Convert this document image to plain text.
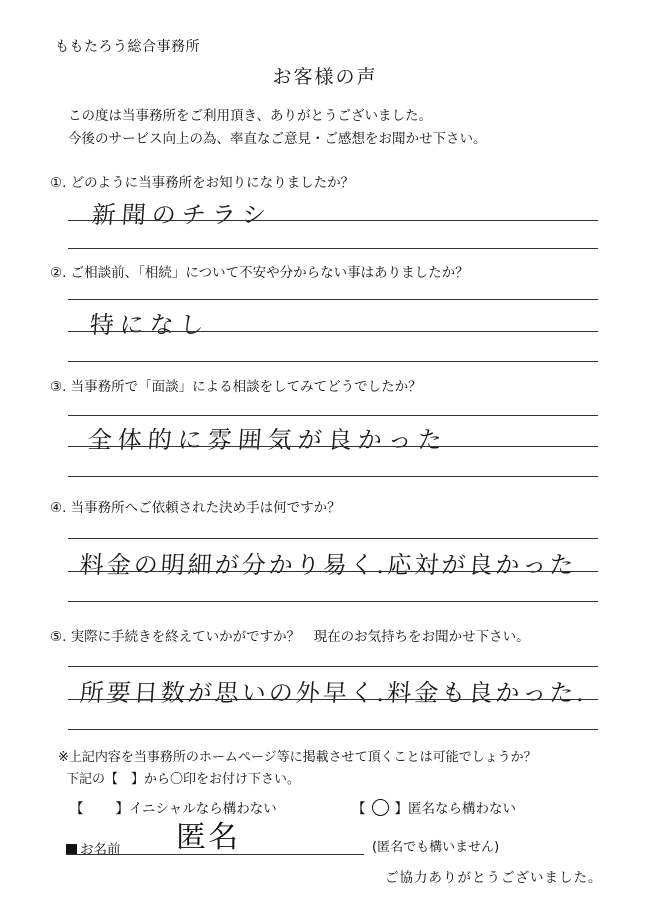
ももたろう総合事務所
お客様の声
この度は当事務所をご利用頂き、ありがとうございました。
今後のサービス向上の為、率直なご意見・ご感想をお聞かせ下さい。
①. どのように当事務所をお知りになりましたか？
新聞のチラシ
②. ご相談前、「相続」について不安や分からない事はありましたか？
特になし
③. 当事務所で「面談」による相談をしてみてどうでしたか？
全体的に雰囲気が良かった
④. 当事務所へご依頼された決め手は何ですか？
料金の明細が分かり易く.応対が良かった
⑤. 実際に手続きを終えていかがですか？　現在のお気持ちをお聞かせ下さい。
所要日数が思いの外早く.料金も良かった.
※上記内容を当事務所のホームページ等に掲載させて頂くことは可能でしょうか？
下記の【　】から〇印をお付け下さい。
【 】イニシャルなら構わない	【 ○ 】匿名なら構わない
お名前 匿名	(匿名でも構いません)
ご協力ありがとうございました。
